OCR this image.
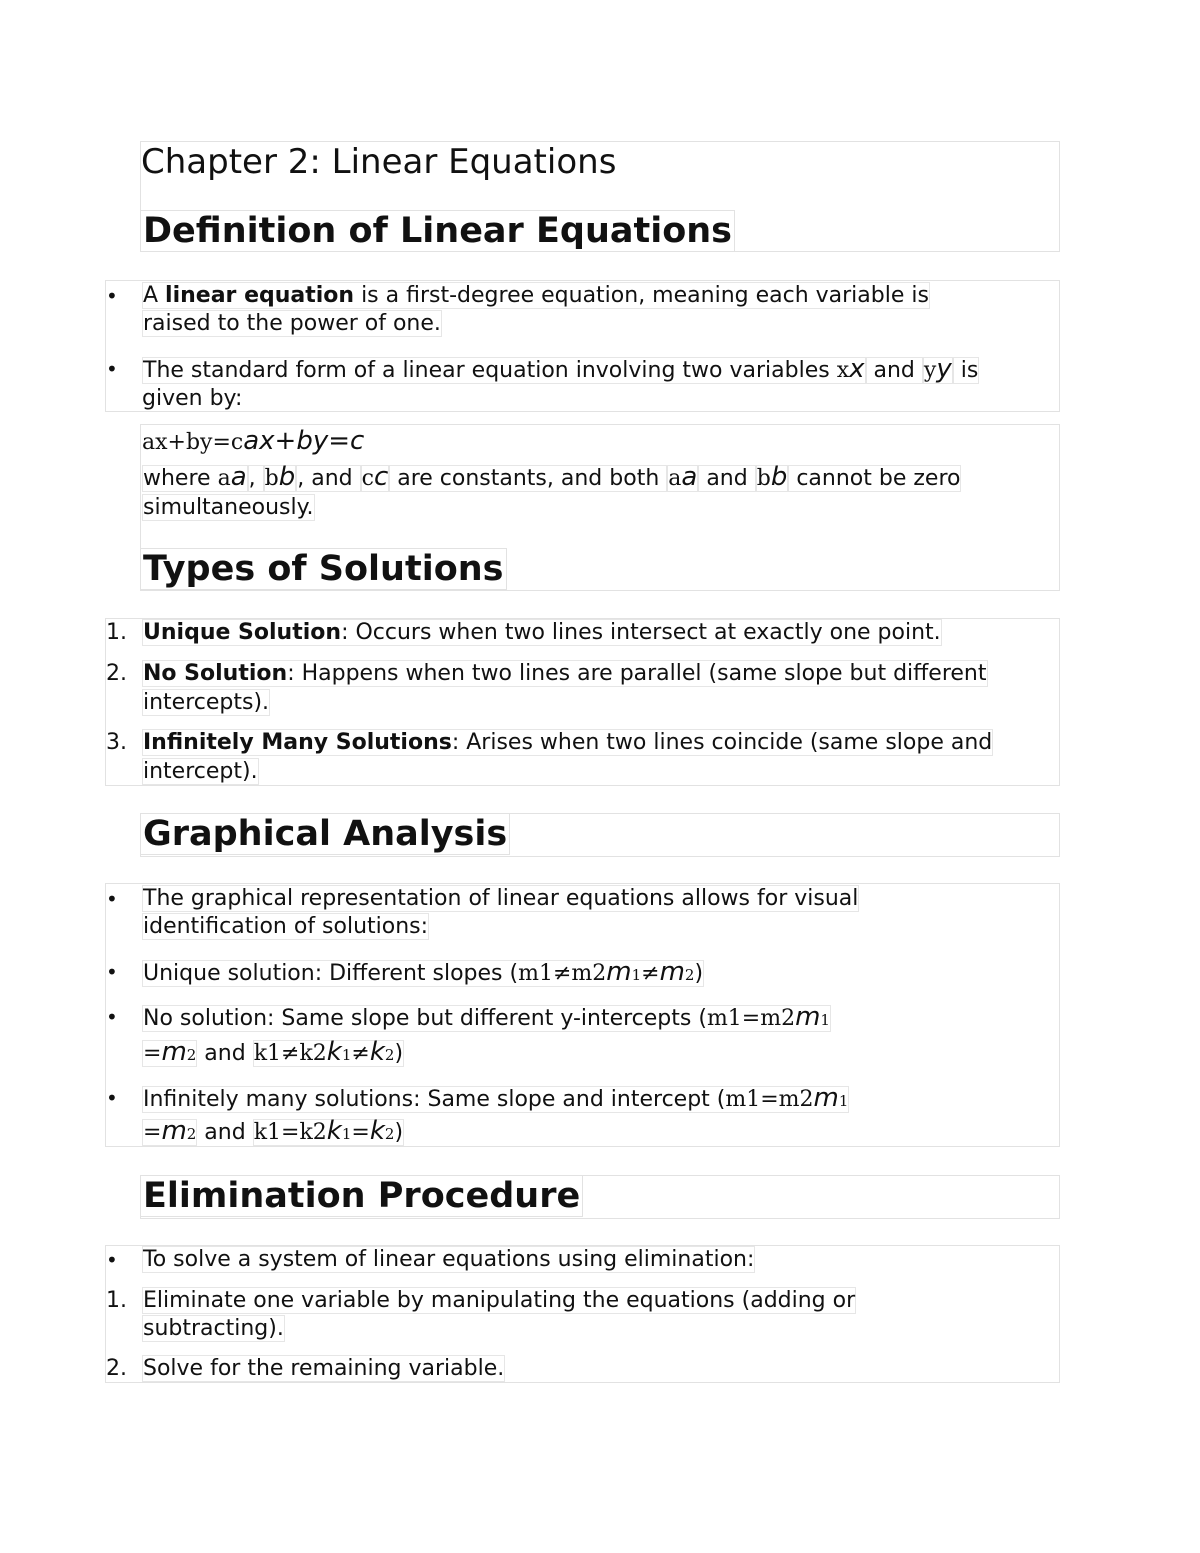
Chapter 2: Linear Equations
Definition of Linear Equations
• A linear equation is a first-degree equation, meaning each variable is
raised to the power of one.
• The standard form of a linear equation involving two variables xx and yy is
given by:
ax+by=cax+by=c
where aa, bb, and cc are constants, and both aa and bb cannot be zero
simultaneously.
Types of Solutions
1. Unique Solution: Occurs when two lines intersect at exactly one point.
2. No Solution: Happens when two lines are parallel (same slope but different
intercepts).
3. Infinitely Many Solutions: Arises when two lines coincide (same slope and
intercept).
Graphical Analysis
• The graphical representation of linear equations allows for visual
identification of solutions:
• Unique solution: Different slopes (m1≠m2m1≠m2)
• No solution: Same slope but different y-intercepts (m1=m2m1
=m2 and k1≠k2k1≠k2)
• Infinitely many solutions: Same slope and intercept (m1=m2m1
=m2 and k1=k2k1=k2)
Elimination Procedure
• To solve a system of linear equations using elimination:
1. Eliminate one variable by manipulating the equations (adding or
subtracting).
2. Solve for the remaining variable.
